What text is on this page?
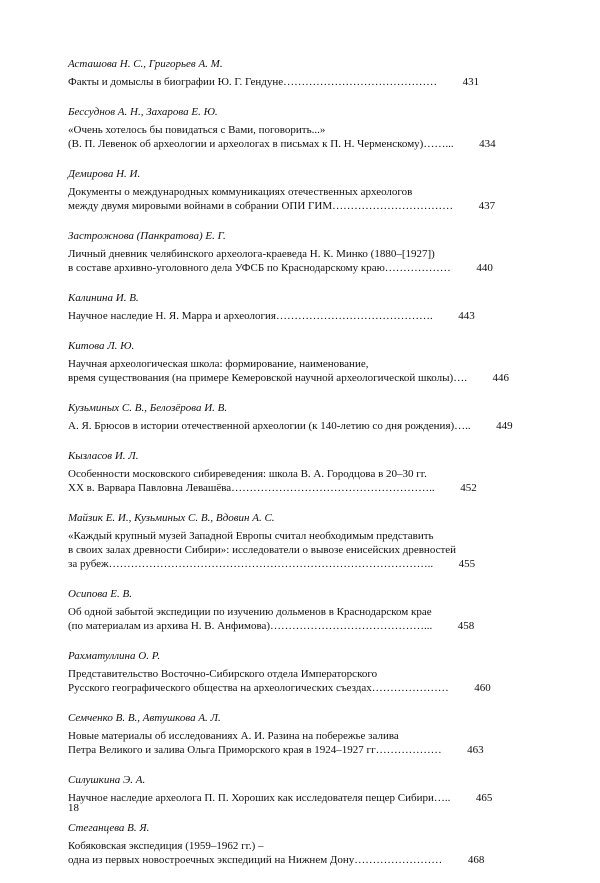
Асташова Н. С., Григорьев А. М.
Факты и домыслы в биографии Ю. Г. Гендуне……………………………………	431
Бессуднов А. Н., Захарова Е. Ю.
«Очень хотелось бы повидаться с Вами, поговорить...»
(В. П. Левенок об археологии и археологах в письмах к П. Н. Черменскому)……...	434
Демирова Н. И.
Документы о международных коммуникациях отечественных археологов
между двумя мировыми войнами в собрании ОПИ ГИМ……………………………	437
Застрожнова (Панкратова) Е. Г.
Личный дневник челябинского археолога-краеведа Н. К. Минко (1880–[1927])
в составе архивно-уголовного дела УФСБ по Краснодарскому краю………………	440
Калинина И. В.
Научное наследие Н. Я. Марра и археология…………………………………….	443
Китова Л. Ю.
Научная археологическая школа: формирование, наименование,
время существования (на примере Кемеровской научной археологической школы)….	446
Кузьминых С. В., Белозёрова И. В.
А. Я. Брюсов в истории отечественной археологии (к 140-летию со дня рождения)…..	449
Кызласов И. Л.
Особенности московского сибиреведения: школа В. А. Городцова в 20–30 гг.
XX в. Варвара Павловна Левашёва………………………………………………..	452
Майзик Е. И., Кузьминых С. В., Вдовин А. С.
«Каждый крупный музей Западной Европы считал необходимым представить
в своих залах древности Сибири»: исследователи о вывозе енисейских древностей
за рубеж……………………………………………………………………………..	455
Осипова Е. В.
Об одной забытой экспедиции по изучению дольменов в Краснодарском крае
(по материалам из архива Н. В. Анфимова)……………………………………...	458
Рахматуллина О. Р.
Представительство Восточно-Сибирского отдела Императорского
Русского географического общества на археологических съездах…………………	460
Семченко В. В., Автушкова А. Л.
Новые материалы об исследованиях А. И. Разина на побережье залива
Петра Великого и залива Ольга Приморского края в 1924–1927 гг………………	463
Силушкина Э. А.
Научное наследие археолога П. П. Хороших как исследователя пещер Сибири…..	465
Стеганцева В. Я.
Кобяковская экспедиция (1959–1962 гг.) –
одна из первых новостроечных экспедиций на Нижнем Дону……………………	468
18
